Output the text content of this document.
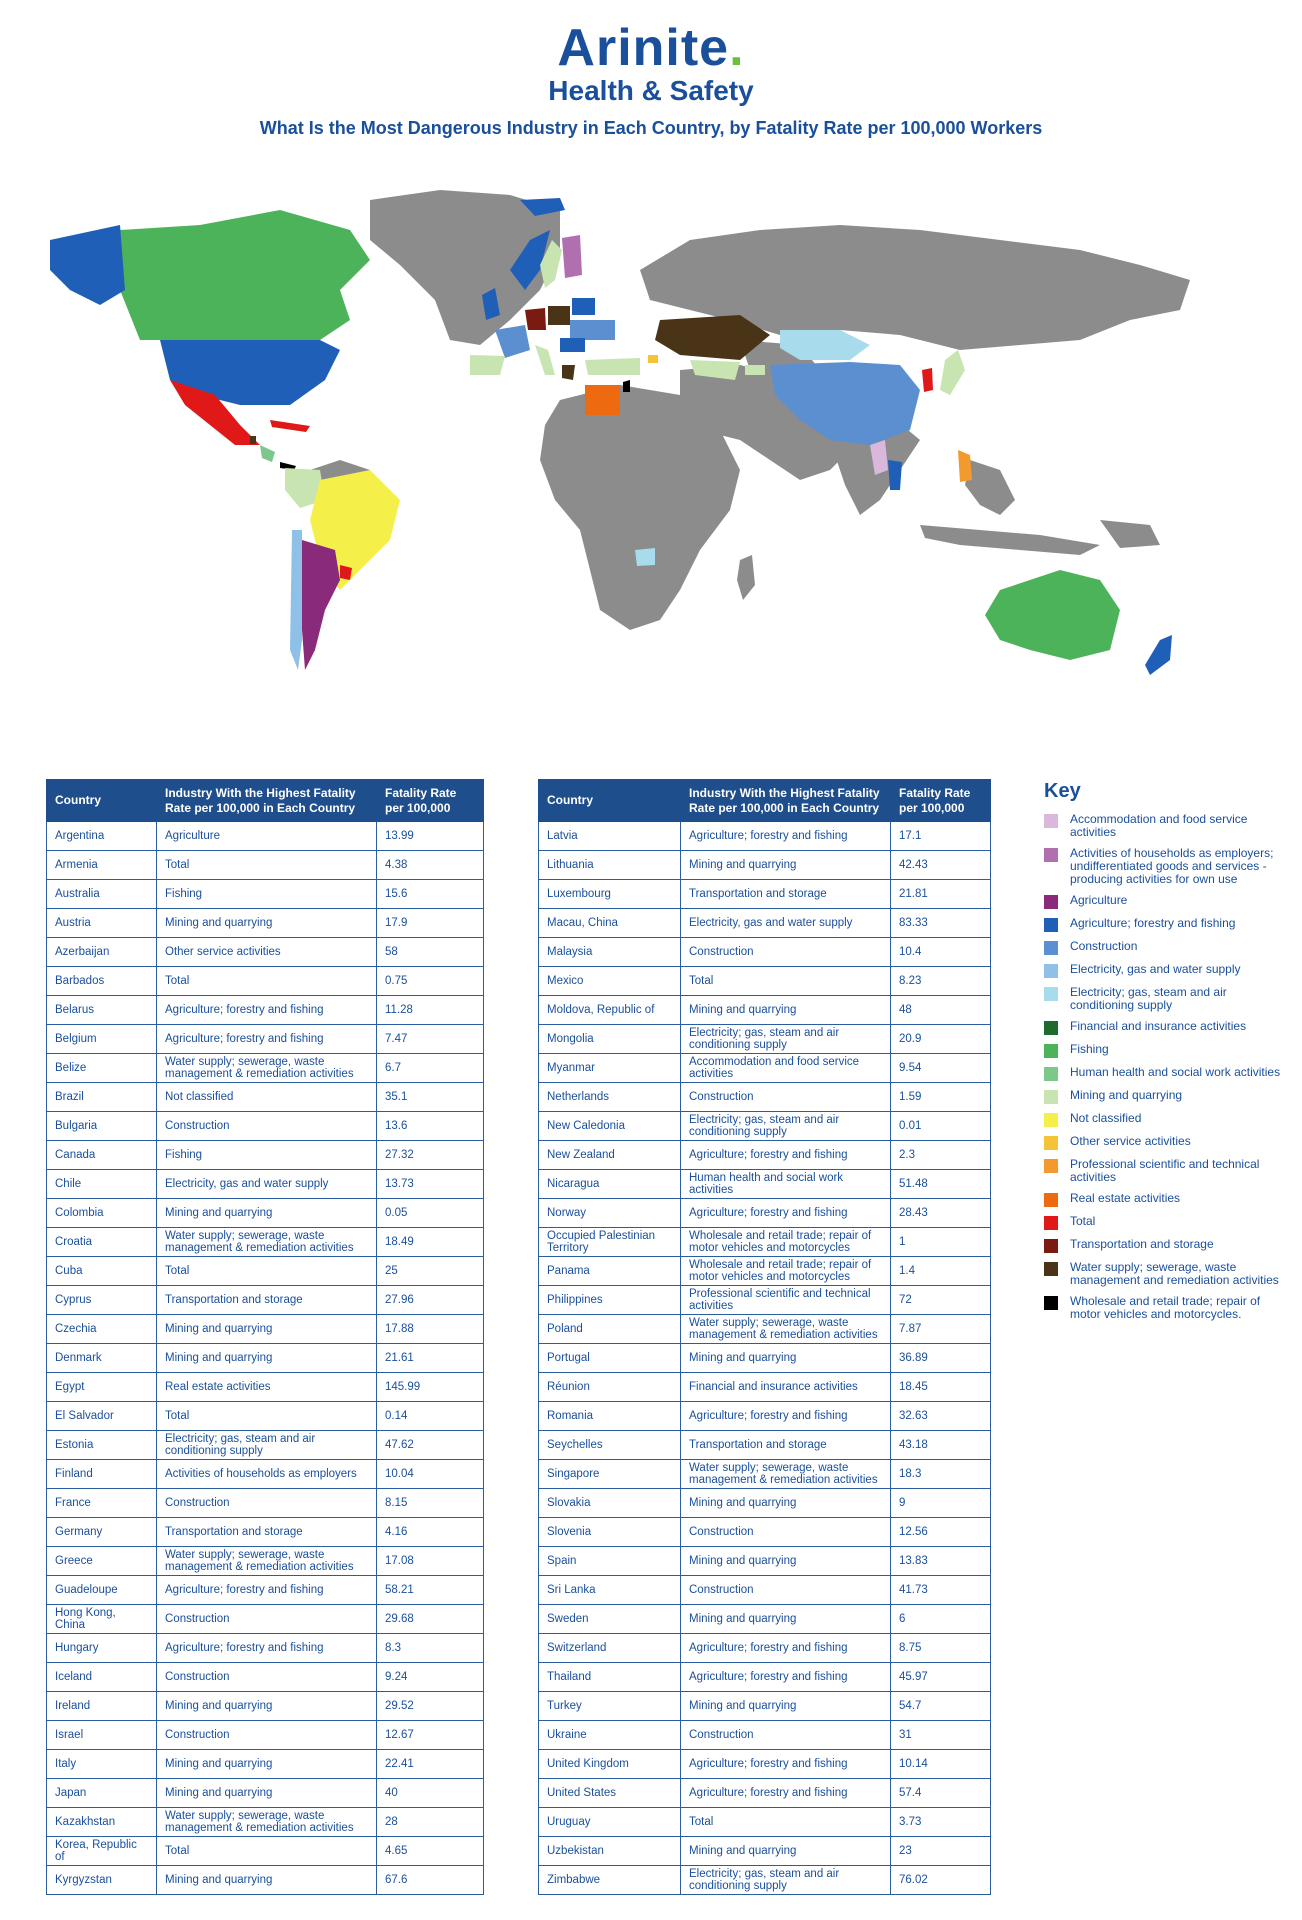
Arinite.
Health & Safety
What Is the Most Dangerous Industry in Each Country, by Fatality Rate per 100,000 Workers
Country	Industry With the Highest Fatality Rate per 100,000 in Each Country	Fatality Rate per 100,000
Argentina	Agriculture	13.99
Armenia	Total	4.38
Australia	Fishing	15.6
Austria	Mining and quarrying	17.9
Azerbaijan	Other service activities	58
Barbados	Total	0.75
Belarus	Agriculture; forestry and fishing	11.28
Belgium	Agriculture; forestry and fishing	7.47
Belize	Water supply; sewerage, waste management & remediation activities	6.7
Brazil	Not classified	35.1
Bulgaria	Construction	13.6
Canada	Fishing	27.32
Chile	Electricity, gas and water supply	13.73
Colombia	Mining and quarrying	0.05
Croatia	Water supply; sewerage, waste management & remediation activities	18.49
Cuba	Total	25
Cyprus	Transportation and storage	27.96
Czechia	Mining and quarrying	17.88
Denmark	Mining and quarrying	21.61
Egypt	Real estate activities	145.99
El Salvador	Total	0.14
Estonia	Electricity; gas, steam and air conditioning supply	47.62
Finland	Activities of households as employers	10.04
France	Construction	8.15
Germany	Transportation and storage	4.16
Greece	Water supply; sewerage, waste management & remediation activities	17.08
Guadeloupe	Agriculture; forestry and fishing	58.21
Hong Kong, China	Construction	29.68
Hungary	Agriculture; forestry and fishing	8.3
Iceland	Construction	9.24
Ireland	Mining and quarrying	29.52
Israel	Construction	12.67
Italy	Mining and quarrying	22.41
Japan	Mining and quarrying	40
Kazakhstan	Water supply; sewerage, waste management & remediation activities	28
Korea, Republic of	Total	4.65
Kyrgyzstan	Mining and quarrying	67.6
Country	Industry With the Highest Fatality Rate per 100,000 in Each Country	Fatality Rate per 100,000
Latvia	Agriculture; forestry and fishing	17.1
Lithuania	Mining and quarrying	42.43
Luxembourg	Transportation and storage	21.81
Macau, China	Electricity, gas and water supply	83.33
Malaysia	Construction	10.4
Mexico	Total	8.23
Moldova, Republic of	Mining and quarrying	48
Mongolia	Electricity; gas, steam and air conditioning supply	20.9
Myanmar	Accommodation and food service activities	9.54
Netherlands	Construction	1.59
New Caledonia	Electricity; gas, steam and air conditioning supply	0.01
New Zealand	Agriculture; forestry and fishing	2.3
Nicaragua	Human health and social work activities	51.48
Norway	Agriculture; forestry and fishing	28.43
Occupied Palestinian Territory	Wholesale and retail trade; repair of motor vehicles and motorcycles	1
Panama	Wholesale and retail trade; repair of motor vehicles and motorcycles	1.4
Philippines	Professional scientific and technical activities	72
Poland	Water supply; sewerage, waste management & remediation activities	7.87
Portugal	Mining and quarrying	36.89
Réunion	Financial and insurance activities	18.45
Romania	Agriculture; forestry and fishing	32.63
Seychelles	Transportation and storage	43.18
Singapore	Water supply; sewerage, waste management & remediation activities	18.3
Slovakia	Mining and quarrying	9
Slovenia	Construction	12.56
Spain	Mining and quarrying	13.83
Sri Lanka	Construction	41.73
Sweden	Mining and quarrying	6
Switzerland	Agriculture; forestry and fishing	8.75
Thailand	Agriculture; forestry and fishing	45.97
Turkey	Mining and quarrying	54.7
Ukraine	Construction	31
United Kingdom	Agriculture; forestry and fishing	10.14
United States	Agriculture; forestry and fishing	57.4
Uruguay	Total	3.73
Uzbekistan	Mining and quarrying	23
Zimbabwe	Electricity; gas, steam and air conditioning supply	76.02
Key
Accommodation and food service activities
Activities of households as employers; undifferentiated goods and services - producing activities for own use
Agriculture
Agriculture; forestry and fishing
Construction
Electricity, gas and water supply
Electricity; gas, steam and air conditioning supply
Financial and insurance activities
Fishing
Human health and social work activities
Mining and quarrying
Not classified
Other service activities
Professional scientific and technical activities
Real estate activities
Total
Transportation and storage
Water supply; sewerage, waste management and remediation activities
Wholesale and retail trade; repair of motor vehicles and motorcycles.
